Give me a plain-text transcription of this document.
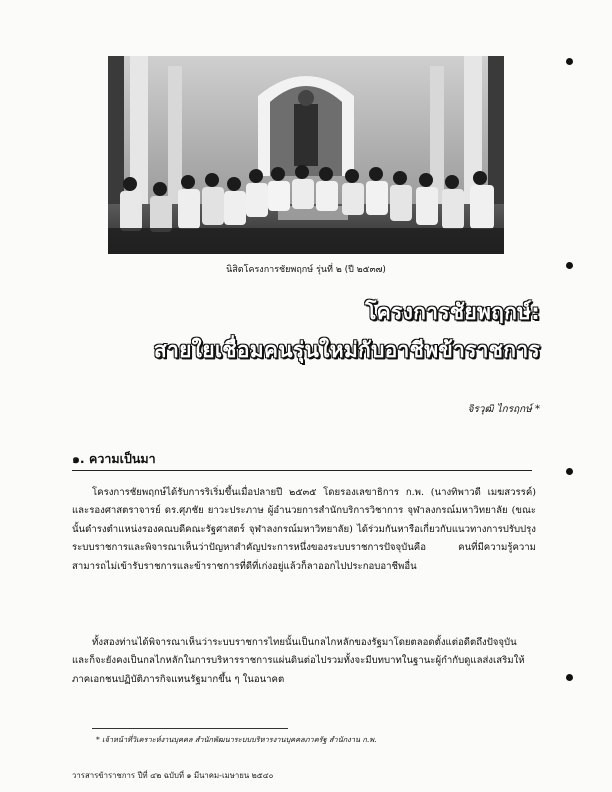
นิสิตโครงการชัยพฤกษ์ รุ่นที่ ๒ (ปี ๒๕๓๗)
โครงการชัยพฤกษ์:
สายใยเชื่อมคนรุ่นใหม่กับอาชีพข้าราชการ
จิรวุฒิ ไกรฤกษ์ *
๑. ความเป็นมา
โครงการชัยพฤกษ์ได้รับการริเริ่มขึ้นเมื่อปลายปี ๒๕๓๕ โดยรองเลขาธิการ ก.พ. (นางทิพาวดี เมฆสวรรค์) และรองศาสตราจารย์ ดร.ศุภชัย ยาวะประภาษ ผู้อำนวยการสำนักบริการวิชาการ จุฬาลงกรณ์มหาวิทยาลัย (ขณะนั้นดำรงตำแหน่งรองคณบดีคณะรัฐศาสตร์ จุฬาลงกรณ์มหาวิทยาลัย) ได้ร่วมกันหารือเกี่ยวกับแนวทางการปรับปรุงระบบราชการและพิจารณาเห็นว่าปัญหาสำคัญประการหนึ่งของระบบราชการปัจจุบันคือ คนที่มีความรู้ความสามารถไม่เข้ารับราชการและข้าราชการที่ดีที่เก่งอยู่แล้วก็ลาออกไปประกอบอาชีพอื่น
ทั้งสองท่านได้พิจารณาเห็นว่าระบบราชการไทยนั้นเป็นกลไกหลักของรัฐมาโดยตลอดตั้งแต่อดีตถึงปัจจุบัน และก็จะยังคงเป็นกลไกหลักในการบริหารราชการแผ่นดินต่อไปรวมทั้งจะมีบทบาทในฐานะผู้กำกับดูแลส่งเสริมให้ภาคเอกชนปฏิบัติภารกิจแทนรัฐมากขึ้น ๆ ในอนาคต
* เจ้าหน้าที่วิเคราะห์งานบุคคล สำนักพัฒนาระบบบริหารงานบุคคลภาครัฐ สำนักงาน ก.พ.
วารสารข้าราชการ ปีที่ ๔๒ ฉบับที่ ๑ มีนาคม-เมษายน ๒๕๔๐
